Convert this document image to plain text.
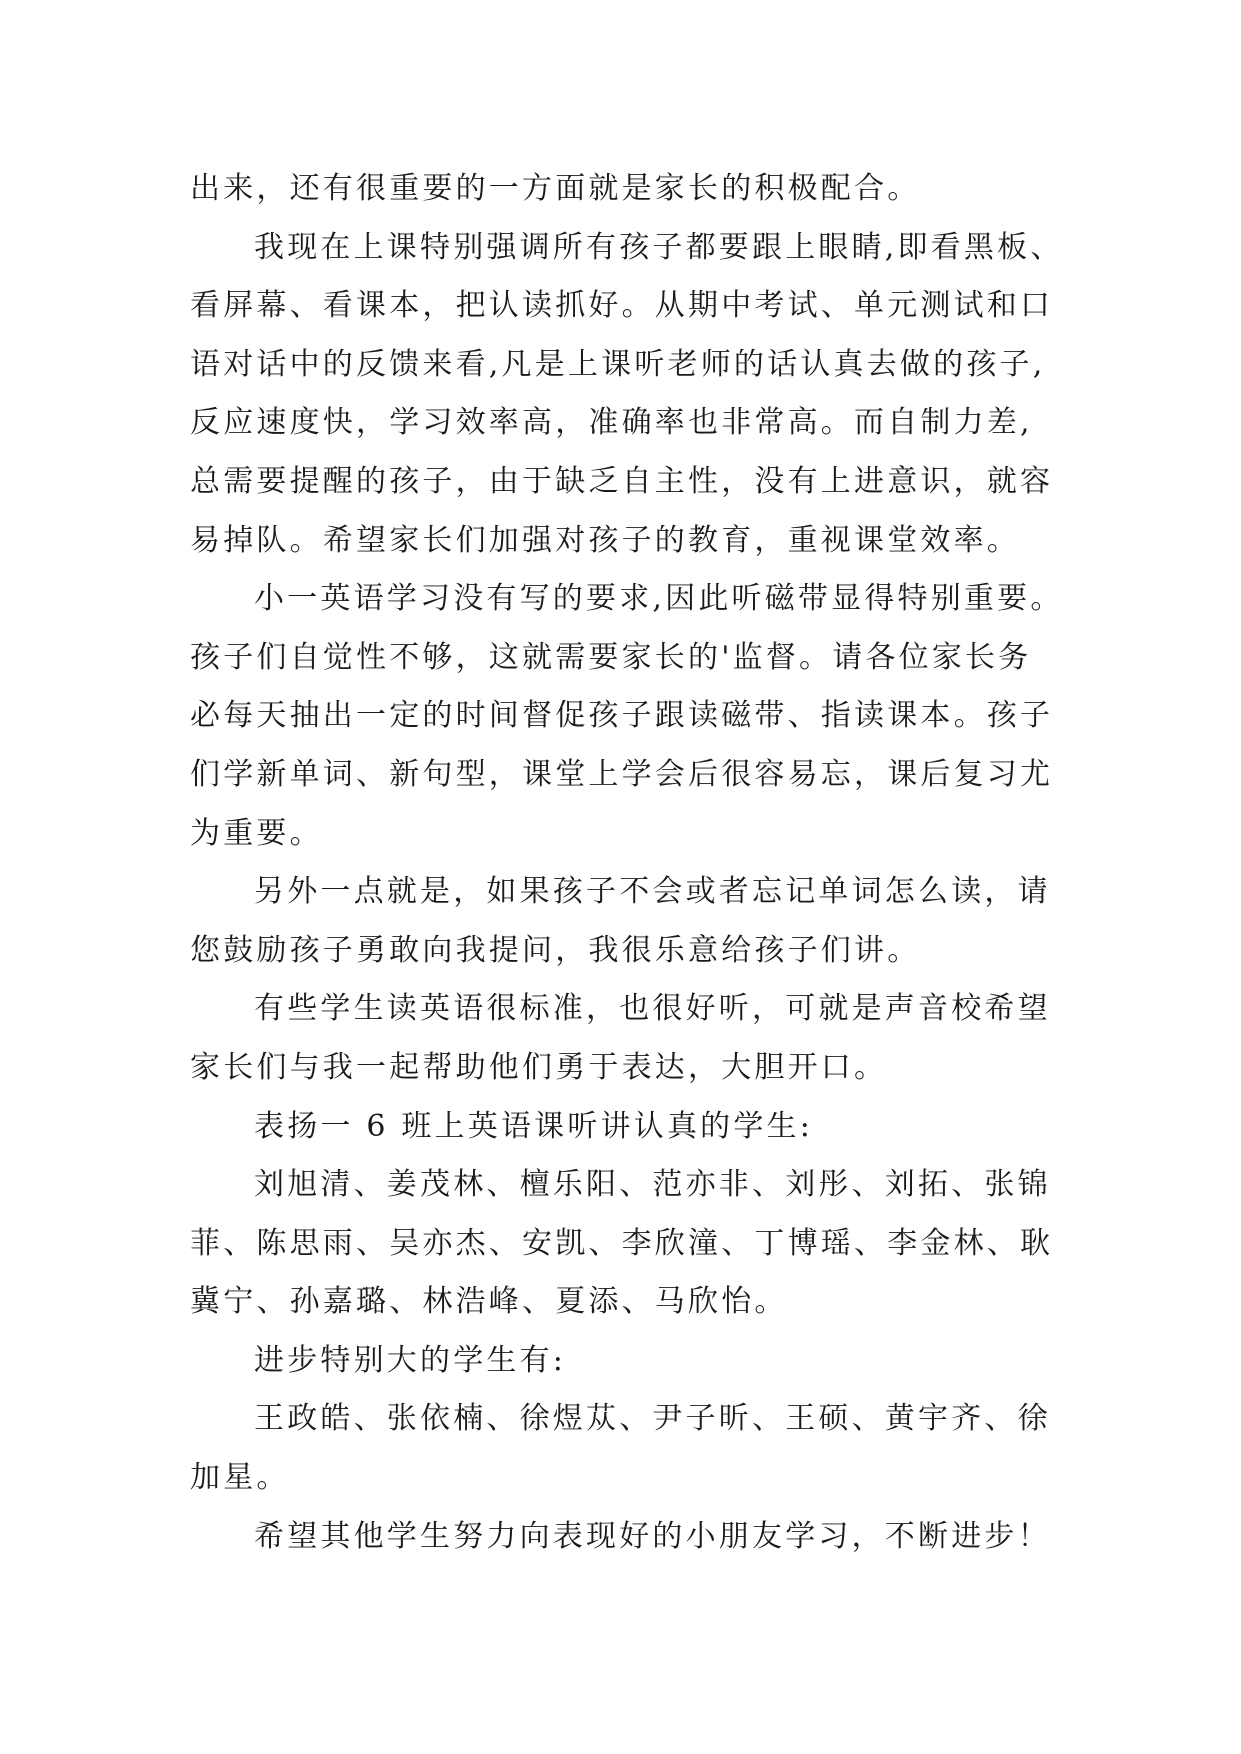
出来，还有很重要的一方面就是家长的积极配合。
我现在上课特别强调所有孩子都要跟上眼睛,即看黑板、
看屏幕、看课本，把认读抓好。从期中考试、单元测试和口
语对话中的反馈来看,凡是上课听老师的话认真去做的孩子,
反应速度快，学习效率高，准确率也非常高。而自制力差,
总需要提醒的孩子，由于缺乏自主性，没有上进意识，就容
易掉队。希望家长们加强对孩子的教育，重视课堂效率。
小一英语学习没有写的要求,因此听磁带显得特别重要。
孩子们自觉性不够，这就需要家长的'监督。请各位家长务
必每天抽出一定的时间督促孩子跟读磁带、指读课本。孩子
们学新单词、新句型，课堂上学会后很容易忘，课后复习尤
为重要。
另外一点就是，如果孩子不会或者忘记单词怎么读，请
您鼓励孩子勇敢向我提问，我很乐意给孩子们讲。
有些学生读英语很标准，也很好听，可就是声音校希望
家长们与我一起帮助他们勇于表达，大胆开口。
表扬一 6 班上英语课听讲认真的学生:
刘旭清、姜茂林、檀乐阳、范亦非、刘彤、刘拓、张锦
菲、陈思雨、吴亦杰、安凯、李欣潼、丁博瑶、李金林、耿
冀宁、孙嘉璐、林浩峰、夏添、马欣怡。
进步特别大的学生有:
王政皓、张依楠、徐煜苁、尹子昕、王硕、黄宇齐、徐
加星。
希望其他学生努力向表现好的小朋友学习，不断进步！
